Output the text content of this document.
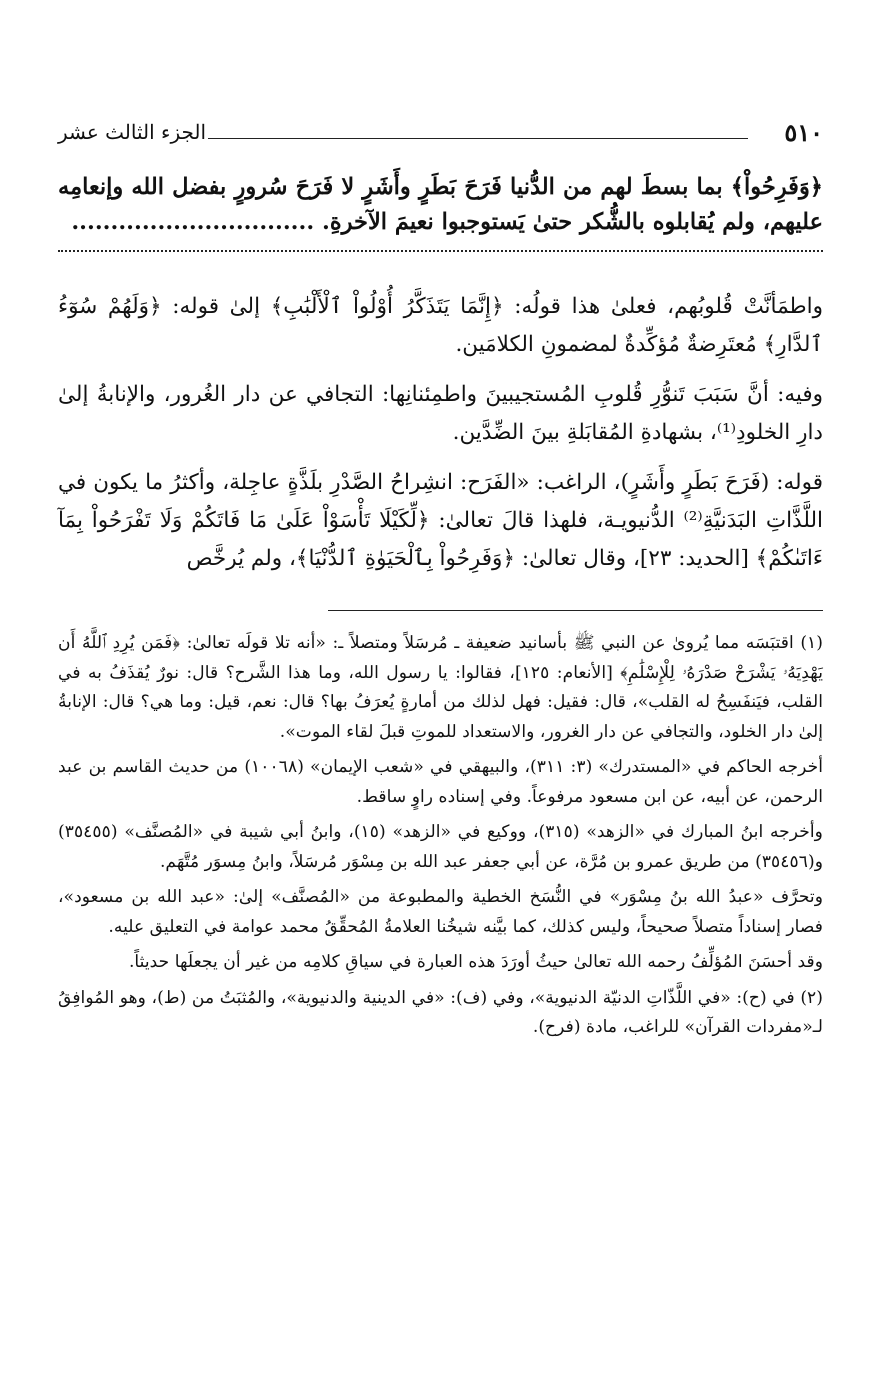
٥١٠
الجزء الثالث عشر

﴿وَفَرِحُواْ﴾ بما بسطَ لهم من الدُّنيا فَرَحَ بَطَرٍ وأَشَرٍ لا فَرَحَ سُرورٍ بفضل الله وإنعامِه عليهم، ولم يُقابلوه بالشُّكر حتىٰ يَستوجبوا نعيمَ الآخرةِ. ...............................

واطمَأنَّتْ قُلوبُهم، فعلىٰ هذا قولُه: ﴿إِنَّمَا يَتَذَكَّرُ أُوْلُواْ ٱلْأَلْبَٰبِ﴾ إلىٰ قوله: ﴿وَلَهُمْ سُوٓءُ ٱلدَّارِ﴾ مُعتَرِضةٌ مُؤكِّدةٌ لمضمونِ الكلامَين.

وفيه: أنَّ سَبَبَ تَنوُّرِ قُلوبِ المُستجيبينَ واطمِئنانِها: التجافي عن دار الغُرور، والإنابةُ إلىٰ دارِ الخلودِ⁽¹⁾، بشهادةِ المُقابَلةِ بينَ الضِّدَّين.

قوله: (فَرَحَ بَطَرٍ وأَشَرٍ)، الراغب: «الفَرَح: انشِراحُ الصَّدْرِ بلَذَّةٍ عاجِلة، وأكثرُ ما يكون في اللَّذَّاتِ البَدَنيَّةِ⁽²⁾ الدُّنيويـة، فلهذا قالَ تعالىٰ: ﴿لِّكَيْلَا تَأْسَوْاْ عَلَىٰ مَا فَاتَكُمْ وَلَا تَفْرَحُواْ بِمَآ ءَاتَىٰكُمْ﴾ [الحديد: ٢٣]، وقال تعالىٰ: ﴿وَفَرِحُواْ بِٱلْحَيَوٰةِ ٱلدُّنْيَا﴾، ولم يُرخَّص

(١) اقتبَسَه مما يُروىٰ عن النبي ﷺ بأسانيد ضعيفة ـ مُرسَلاً ومتصلاً ـ: «أنه تلا قولَه تعالىٰ: ﴿فَمَن يُرِدِ ٱللَّهُ أَن يَهْدِيَهُۥ يَشْرَحْ صَدْرَهُۥ لِلْإِسْلَٰمِ﴾ [الأنعام: ١٢٥]، فقالوا: يا رسول الله، وما هذا الشَّرح؟ قال: نورٌ يُقذَفُ به في القلب، فيَنفَسِحُ له القلب»، قال: فقيل: فهل لذلك من أمارةٍ يُعرَفُ بها؟ قال: نعم، قيل: وما هي؟ قال: الإنابةُ إلىٰ دار الخلود، والتجافي عن دار الغرور، والاستعداد للموتِ قبلَ لقاء الموت».

أخرجه الحاكم في «المستدرك» (٣: ٣١١)، والبيهقي في «شعب الإيمان» (١٠٠٦٨) من حديث القاسم بن عبد الرحمن، عن أبيه، عن ابن مسعود مرفوعاً. وفي إسناده راوٍ ساقط.

وأخرجه ابنُ المبارك في «الزهد» (٣١٥)، ووكيع في «الزهد» (١٥)، وابنُ أبي شيبة في «المُصنَّف» (٣٥٤٥٥) و(٣٥٤٥٦) من طريق عمرو بن مُرَّة، عن أبي جعفر عبد الله بن مِسْوَر مُرسَلاً، وابنُ مِسوَر مُتَّهَم.

وتحرَّف «عبدُ الله بنُ مِسْوَر» في النُّسَخ الخطية والمطبوعة من «المُصنَّف» إلىٰ: «عبد الله بن مسعود»، فصار إسناداً متصلاً صحيحاً، وليس كذلك، كما بيَّنه شيخُنا العلامةُ المُحقِّقُ محمد عوامة في التعليق عليه.

وقد أحسَنَ المُؤلِّفُ رحمه الله تعالىٰ حيثُ أورَدَ هذه العبارة في سياقِ كلامِه من غير أن يجعلَها حديثاً.

(٢) في (ح): «في اللَّذّاتِ الدنيّة الدنيوية»، وفي (ف): «في الدينية والدنيوية»، والمُثبَتُ من (ط)، وهو المُوافِقُ لـ«مفردات القرآن» للراغب، مادة (فرح).
